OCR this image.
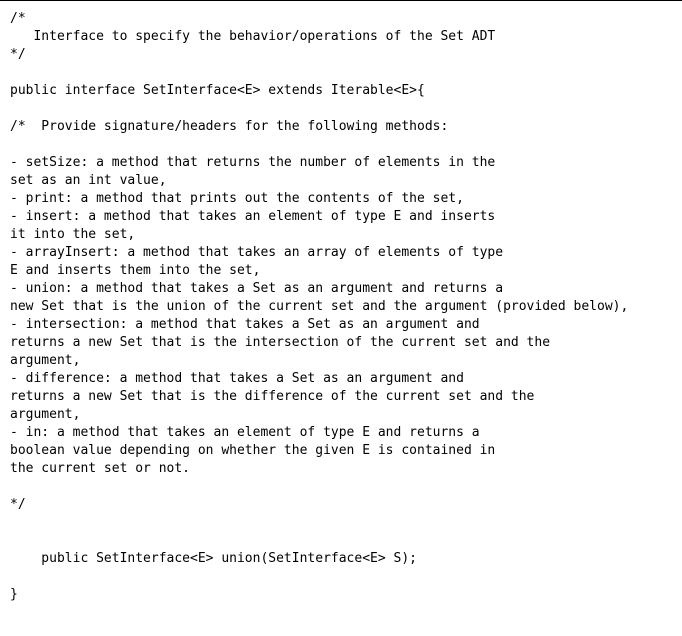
/*
Interface to specify the behavior/operations of the Set ADT
*/
public interface SetInterface<E> extends Iterable<E>{
/*  Provide signature/headers for the following methods:
- setSize: a method that returns the number of elements in the
set as an int value,
- print: a method that prints out the contents of the set,
- insert: a method that takes an element of type E and inserts
it into the set,
- arrayInsert: a method that takes an array of elements of type
E and inserts them into the set,
- union: a method that takes a Set as an argument and returns a
new Set that is the union of the current set and the argument (provided below),
- intersection: a method that takes a Set as an argument and
returns a new Set that is the intersection of the current set and the
argument,
- difference: a method that takes a Set as an argument and
returns a new Set that is the difference of the current set and the
argument,
- in: a method that takes an element of type E and returns a
boolean value depending on whether the given E is contained in
the current set or not.
*/
public SetInterface<E> union(SetInterface<E> S);
}
